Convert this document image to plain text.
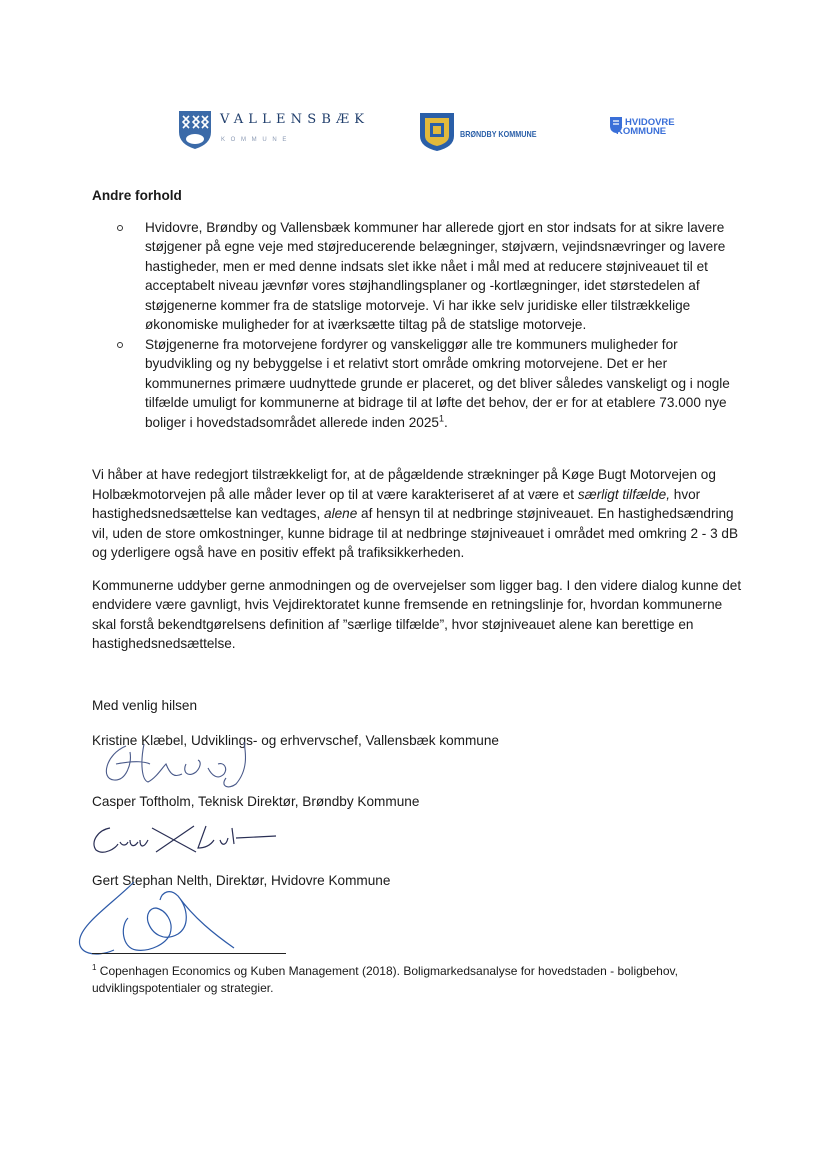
VALLENSBÆK
K O M M U N E
BRØNDBY KOMMUNE
HVIDOVRE
KOMMUNE
Andre forhold
Hvidovre, Brøndby og Vallensbæk kommuner har allerede gjort en stor indsats for at sikre lavere støjgener på egne veje med støjreducerende belægninger, støjværn, vejindsnævringer og lavere hastigheder, men er med denne indsats slet ikke nået i mål med at reducere støjniveauet til et acceptabelt niveau jævnfør vores støjhandlingsplaner og -kortlægninger, idet størstedelen af støjgenerne kommer fra de statslige motorveje. Vi har ikke selv juridiske eller tilstrækkelige økonomiske muligheder for at iværksætte tiltag på de statslige motorveje.
Støjgenerne fra motorvejene fordyrer og vanskeliggør alle tre kommuners muligheder for byudvikling og ny bebyggelse i et relativt stort område omkring motorvejene. Det er her kommunernes primære uudnyttede grunde er placeret, og det bliver således vanskeligt og i nogle tilfælde umuligt for kommunerne at bidrage til at løfte det behov, der er for at etablere 73.000 nye boliger i hovedstadsområdet allerede inden 2025$^1$.

Vi håber at have redegjort tilstrækkeligt for, at de pågældende strækninger på Køge Bugt Motorvejen og Holbækmotorvejen på alle måder lever op til at være karakteriseret af at være et særligt tilfælde, hvor hastighedsnedsættelse kan vedtages, alene af hensyn til at nedbringe støjniveauet. En hastighedsændring vil, uden de store omkostninger, kunne bidrage til at nedbringe støjniveauet i området med omkring 2 - 3 dB og yderligere også have en positiv effekt på trafiksikkerheden.

Kommunerne uddyber gerne anmodningen og de overvejelser som ligger bag. I den videre dialog kunne det endvidere være gavnligt, hvis Vejdirektoratet kunne fremsende en retningslinje for, hvordan kommunerne skal forstå bekendtgørelsens definition af ”særlige tilfælde”, hvor støjniveauet alene kan berettige en hastighedsnedsættelse.

Med venlig hilsen

Kristine Klæbel, Udviklings- og erhvervschef, Vallensbæk kommune
Casper Toftholm, Teknisk Direktør, Brøndby Kommune
Gert Stephan Nelth, Direktør, Hvidovre Kommune
$^1$ Copenhagen Economics og Kuben Management (2018). Boligmarkedsanalyse for hovedstaden - boligbehov, udviklingspotentialer og strategier.
